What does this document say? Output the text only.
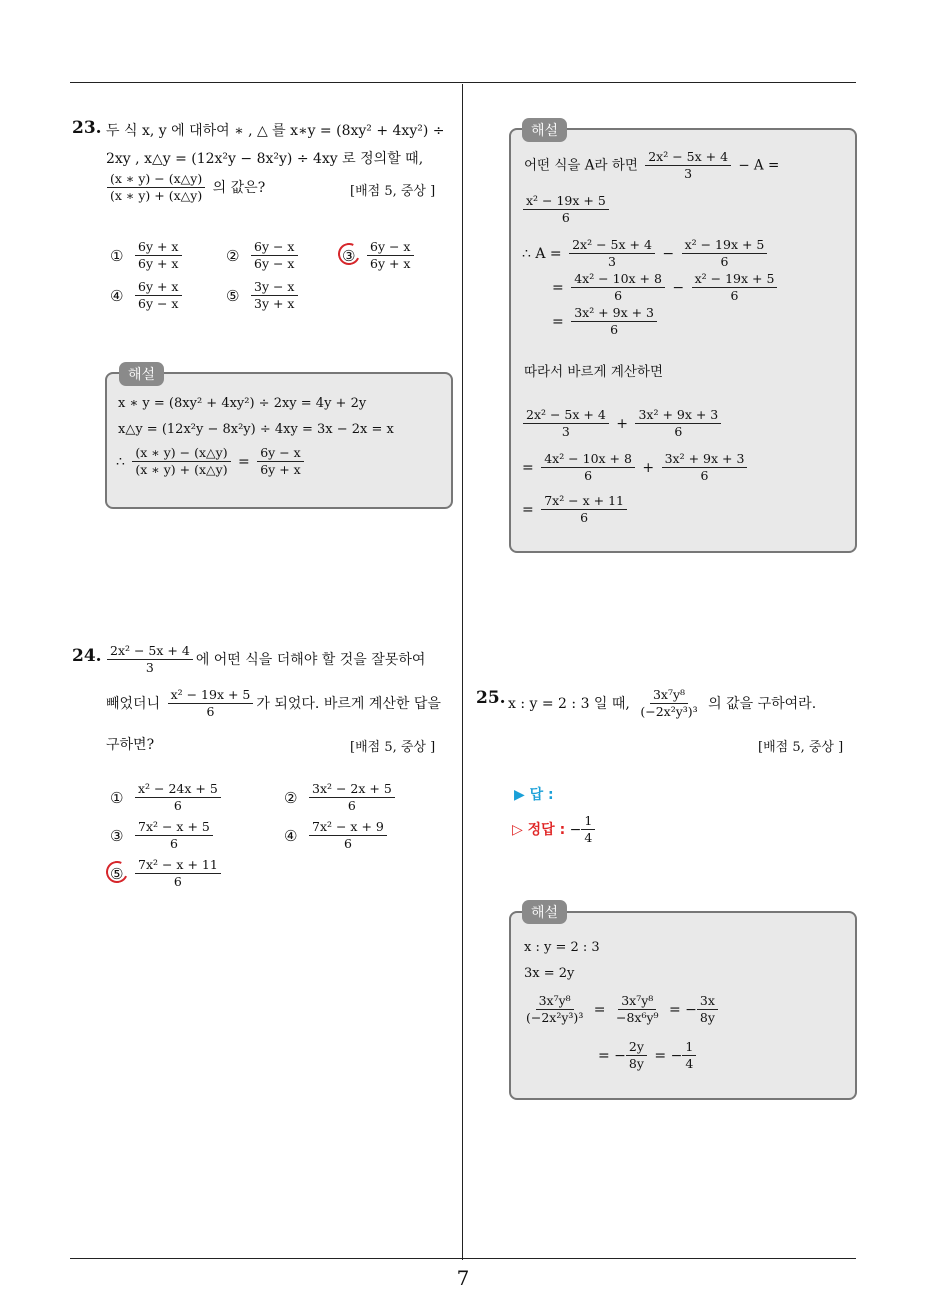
7
23. 두 식 x, y 에 대하여 ∗ , △ 를 x∗y = (8xy² + 4xy²) ÷
2xy , x△y = (12x²y − 8x²y) ÷ 4xy 로 정의할 때,
$\frac{(x ∗ y) - (x\triangle y)}{(x ∗ y) + (x\triangle y)}$ 의 값은?	[배점 5, 중상 ]
① $\frac{6y + x}{6y + x}$	② $\frac{6y - x}{6y - x}$	③ $\frac{6y - x}{6y + x}$
④ $\frac{6y + x}{6y - x}$	⑤ $\frac{3y - x}{3y + x}$
해설
x ∗ y = (8xy² + 4xy²) ÷ 2xy = 4y + 2y
x△y = (12x²y − 8x²y) ÷ 4xy = 3x − 2x = x
∴ $\frac{(x ∗ y) - (x\triangle y)}{(x ∗ y) + (x\triangle y)} = \frac{6y - x}{6y + x}$
24. $\frac{\text{2x² − 5x + 4}}{3}$ 에 어떤 식을 더해야 할 것을 잘못하여
빼었더니 $\frac{\text{x² − 19x + 5}}{6}$ 가 되었다. 바르게 계산한 답을
구하면?	[배점 5, 중상 ]
① $\frac{\text{x² − 24x + 5}}{6}$	② $\frac{\text{3x² − 2x + 5}}{6}$
③ $\frac{\text{7x² − x + 5}}{6}$	④ $\frac{\text{7x² − x + 9}}{6}$
⑤ $\frac{\text{7x² − x + 11}}{6}$
해설
어떤 식을 A라 하면 $\frac{\text{2x² − 5x + 4}}{3} - A$ =
$\frac{\text{x² − 19x + 5}}{6}$
∴ $A = \frac{\text{2x² − 5x + 4}}{3} - \frac{\text{x² − 19x + 5}}{6}$
= $\frac{\text{4x² − 10x + 8}}{6} - \frac{\text{x² − 19x + 5}}{6}$
= $\frac{\text{3x² + 9x + 3}}{6}$
따라서 바르게 계산하면
$\frac{\text{2x² − 5x + 4}}{3} + \frac{\text{3x² + 9x + 3}}{6}$
= $\frac{\text{4x² − 10x + 8}}{6} + \frac{\text{3x² + 9x + 3}}{6}$
= $\frac{\text{7x² − x + 11}}{6}$
25. x : y = 2 : 3 일 때, $\frac{\text{3x⁷y⁸}}{\text{(−2x²y³)³}}$ 의 값을 구하여라.
[배점 5, 중상 ]
▶ 답 :
▷ 정답 : − $\frac{1}{4}$
해설
x : y = 2 : 3
3x = 2y
$\frac{\text{3x⁷y⁸}}{\text{(−2x²y³)³}} = \frac{\text{3x⁷y⁸}}{\text{−8x⁶y⁹}}$ = − $\frac{3x}{8y}$
= − $\frac{2y}{8y}$ = − $\frac{1}{4}$
